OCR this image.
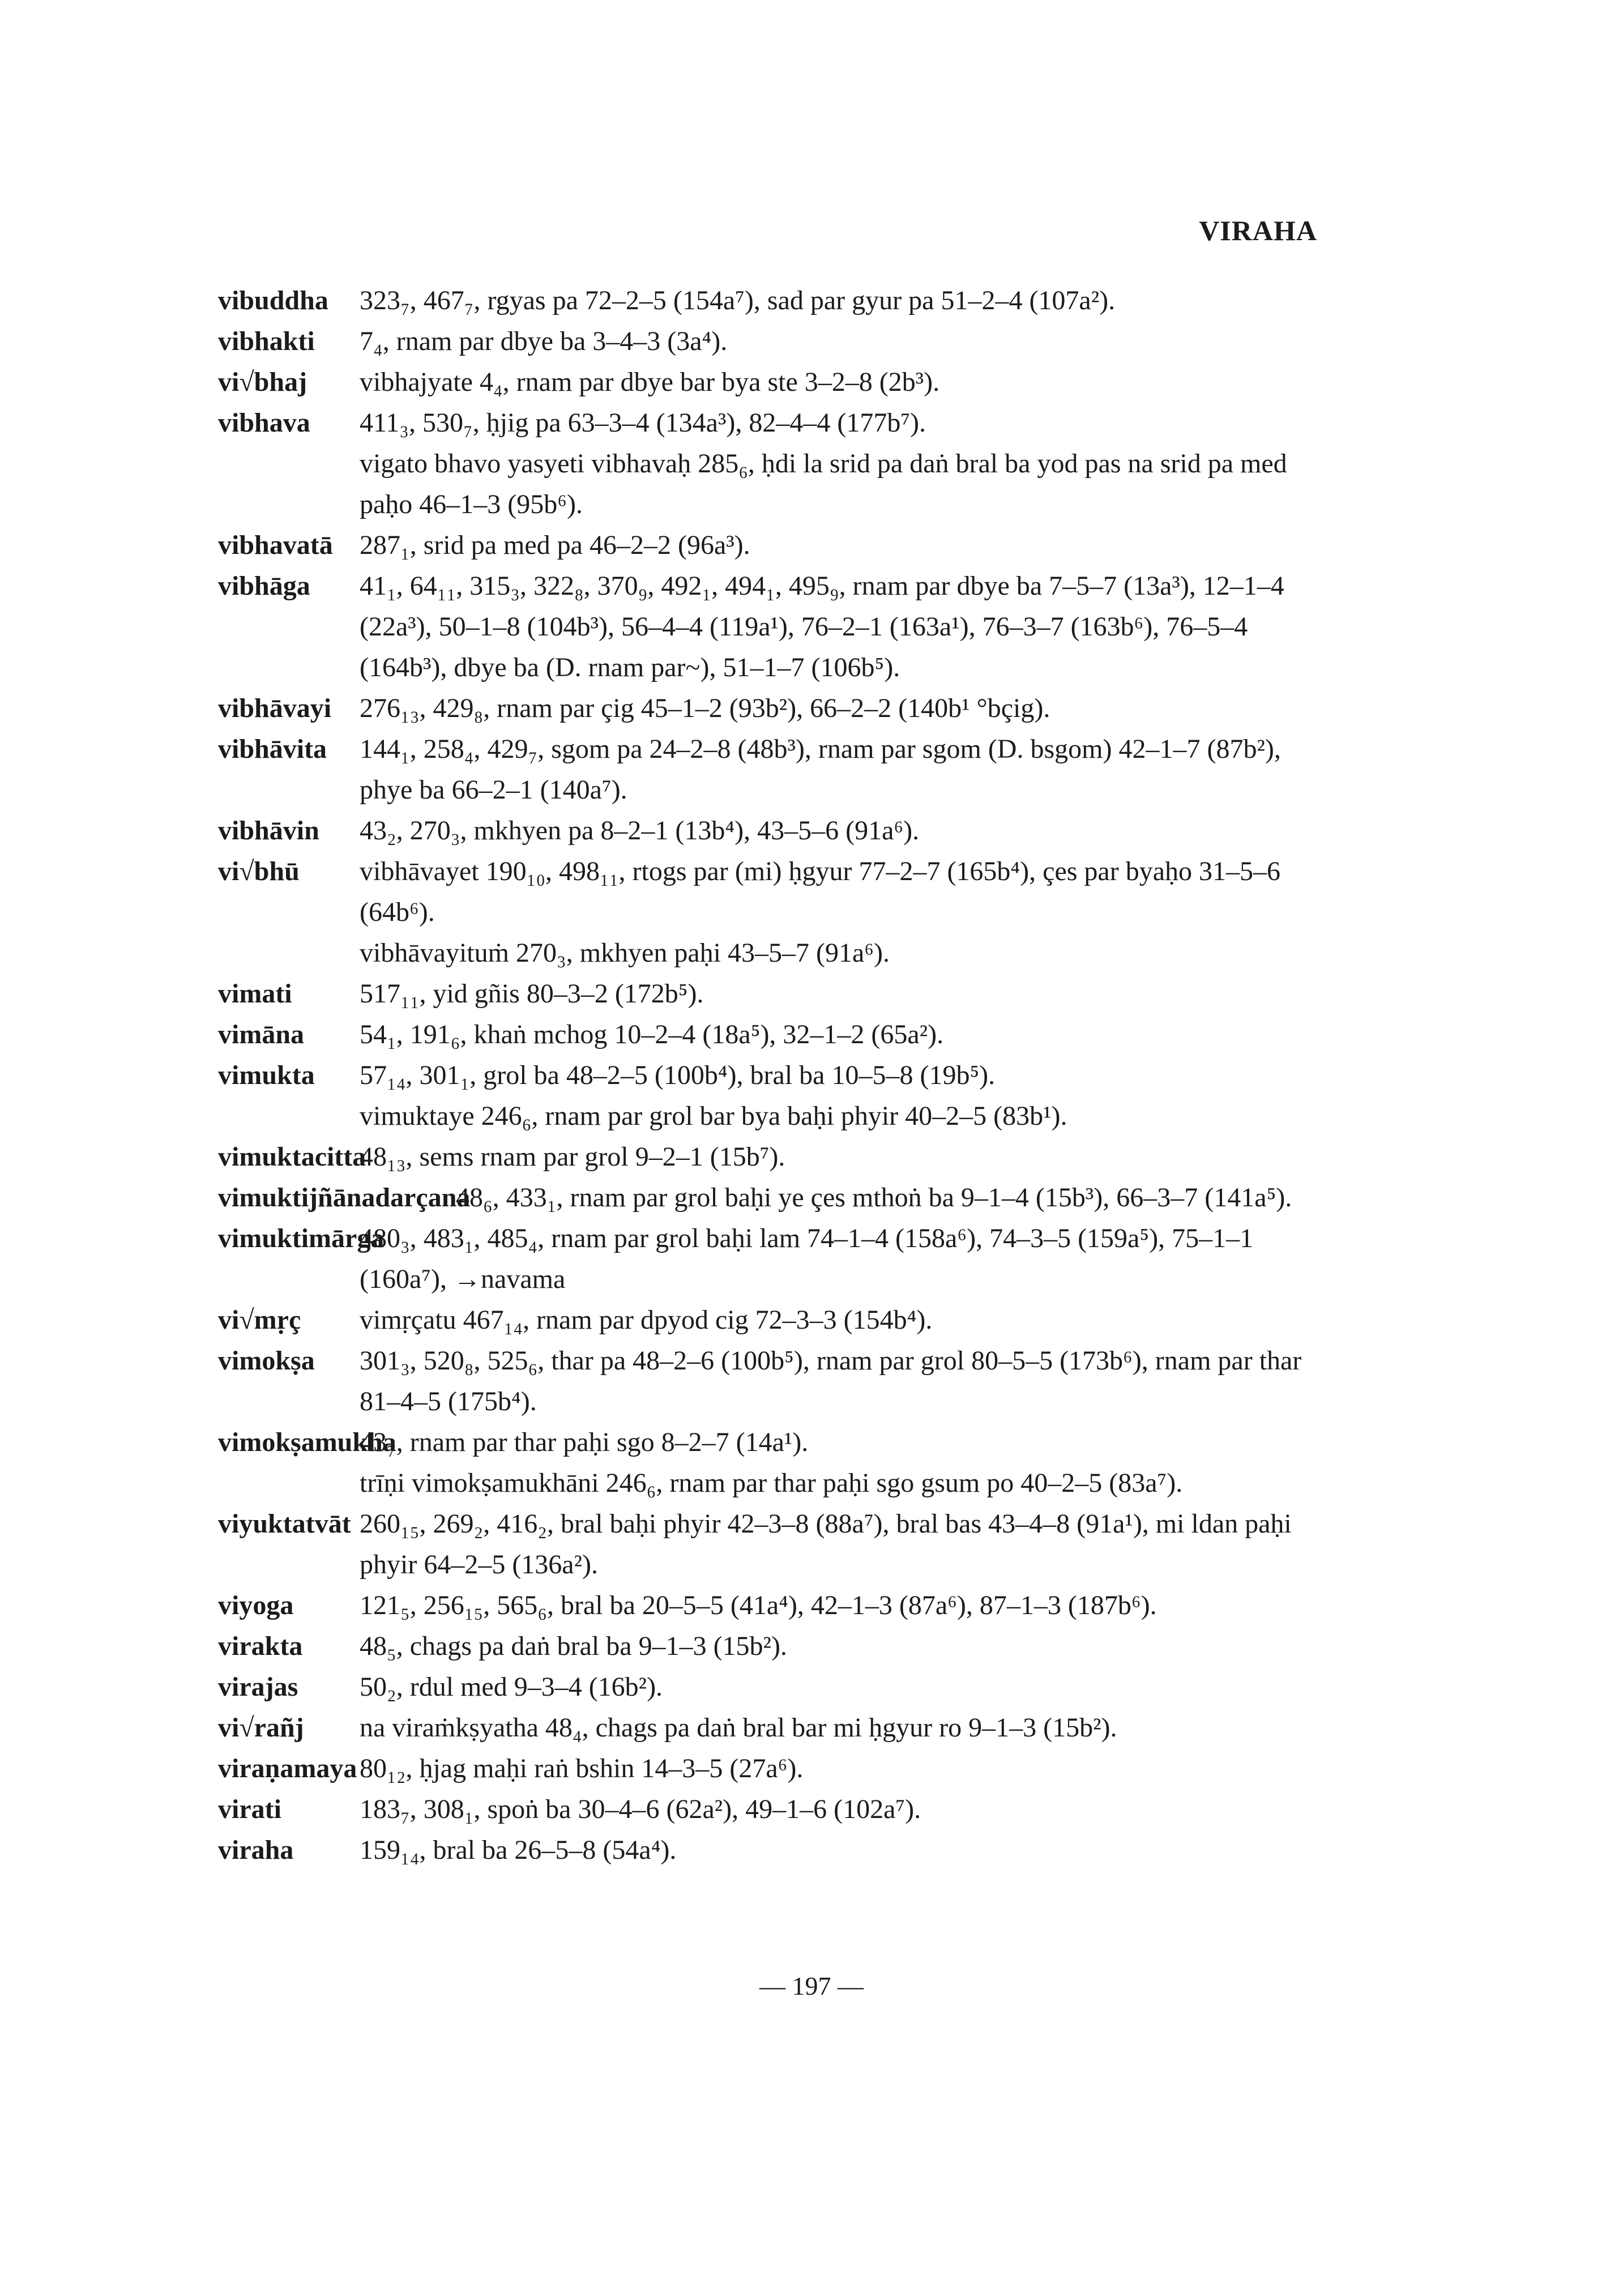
VIRAHA
vibuddha 323₇, 467₇, rgyas pa 72–2–5 (154a⁷), sad par gyur pa 51–2–4 (107a²).
vibhakti 7₄, rnam par dbye ba 3–4–3 (3a⁴).
vi√bhaj vibhajyate 4₄, rnam par dbye bar bya ste 3–2–8 (2b³).
vibhava 411₃, 530₇, ḥjig pa 63–3–4 (134a³), 82–4–4 (177b⁷).
vigato bhavo yasyeti vibhavaḥ 285₆, ḥdi la srid pa daṅ bral ba yod pas na srid pa med paḥo 46–1–3 (95b⁶).
vibhavatā 287₁, srid pa med pa 46–2–2 (96a³).
vibhāga 41₁, 64₁₁, 315₃, 322₈, 370₉, 492₁, 494₁, 495₉, rnam par dbye ba 7–5–7 (13a³), 12–1–4 (22a³), 50–1–8 (104b³), 56–4–4 (119a¹), 76–2–1 (163a¹), 76–3–7 (163b⁶), 76–5–4 (164b³), dbye ba (D. rnam par~), 51–1–7 (106b⁵).
vibhāvayi 276₁₃, 429₈, rnam par çig 45–1–2 (93b²), 66–2–2 (140b¹ °bçig).
vibhāvita 144₁, 258₄, 429₇, sgom pa 24–2–8 (48b³), rnam par sgom (D. bsgom) 42–1–7 (87b²), phye ba 66–2–1 (140a⁷).
vibhāvin 43₂, 270₃, mkhyen pa 8–2–1 (13b⁴), 43–5–6 (91a⁶).
vi√bhū vibhāvayet 190₁₀, 498₁₁, rtogs par (mi) ḥgyur 77–2–7 (165b⁴), çes par byaḥo 31–5–6 (64b⁶).
vibhāvayituṁ 270₃, mkhyen paḥi 43–5–7 (91a⁶).
vimati 517₁₁, yid gñis 80–3–2 (172b⁵).
vimāna 54₁, 191₆, khaṅ mchog 10–2–4 (18a⁵), 32–1–2 (65a²).
vimukta 57₁₄, 301₁, grol ba 48–2–5 (100b⁴), bral ba 10–5–8 (19b⁵).
vimuktaye 246₆, rnam par grol bar bya baḥi phyir 40–2–5 (83b¹).
vimuktacitta
48₁₃, sems rnam par grol 9–2–1 (15b⁷).
vimuktijñānadarçana
48₆, 433₁, rnam par grol baḥi ye çes mthoṅ ba 9–1–4 (15b³), 66–3–7 (141a⁵).
vimuktimārga
480₃, 483₁, 485₄, rnam par grol baḥi lam 74–1–4 (158a⁶), 74–3–5 (159a⁵), 75–1–1 (160a⁷), →navama
vi√mṛç vimṛçatu 467₁₄, rnam par dpyod cig 72–3–3 (154b⁴).
vimokṣa 301₃, 520₈, 525₆, thar pa 48–2–6 (100b⁵), rnam par grol 80–5–5 (173b⁶), rnam par thar 81–4–5 (175b⁴).
vimokṣamukha
43₇, rnam par thar paḥi sgo 8–2–7 (14a¹).
trīṇi vimokṣamukhāni 246₆, rnam par thar paḥi sgo gsum po 40–2–5 (83a⁷).
viyuktatvāt 260₁₅, 269₂, 416₂, bral baḥi phyir 42–3–8 (88a⁷), bral bas 43–4–8 (91a¹), mi ldan paḥi phyir 64–2–5 (136a²).
viyoga 121₅, 256₁₅, 565₆, bral ba 20–5–5 (41a⁴), 42–1–3 (87a⁶), 87–1–3 (187b⁶).
virakta 48₅, chags pa daṅ bral ba 9–1–3 (15b²).
virajas 50₂, rdul med 9–3–4 (16b²).
vi√rañj na viraṁkṣyatha 48₄, chags pa daṅ bral bar mi ḥgyur ro 9–1–3 (15b²).
viraṇamaya 80₁₂, ḥjag maḥi raṅ bshin 14–3–5 (27a⁶).
virati	183₇, 308₁, spoṅ ba 30–4–6 (62a²), 49–1–6 (102a⁷).
viraha 159₁₄, bral ba 26–5–8 (54a⁴).
— 197 —
